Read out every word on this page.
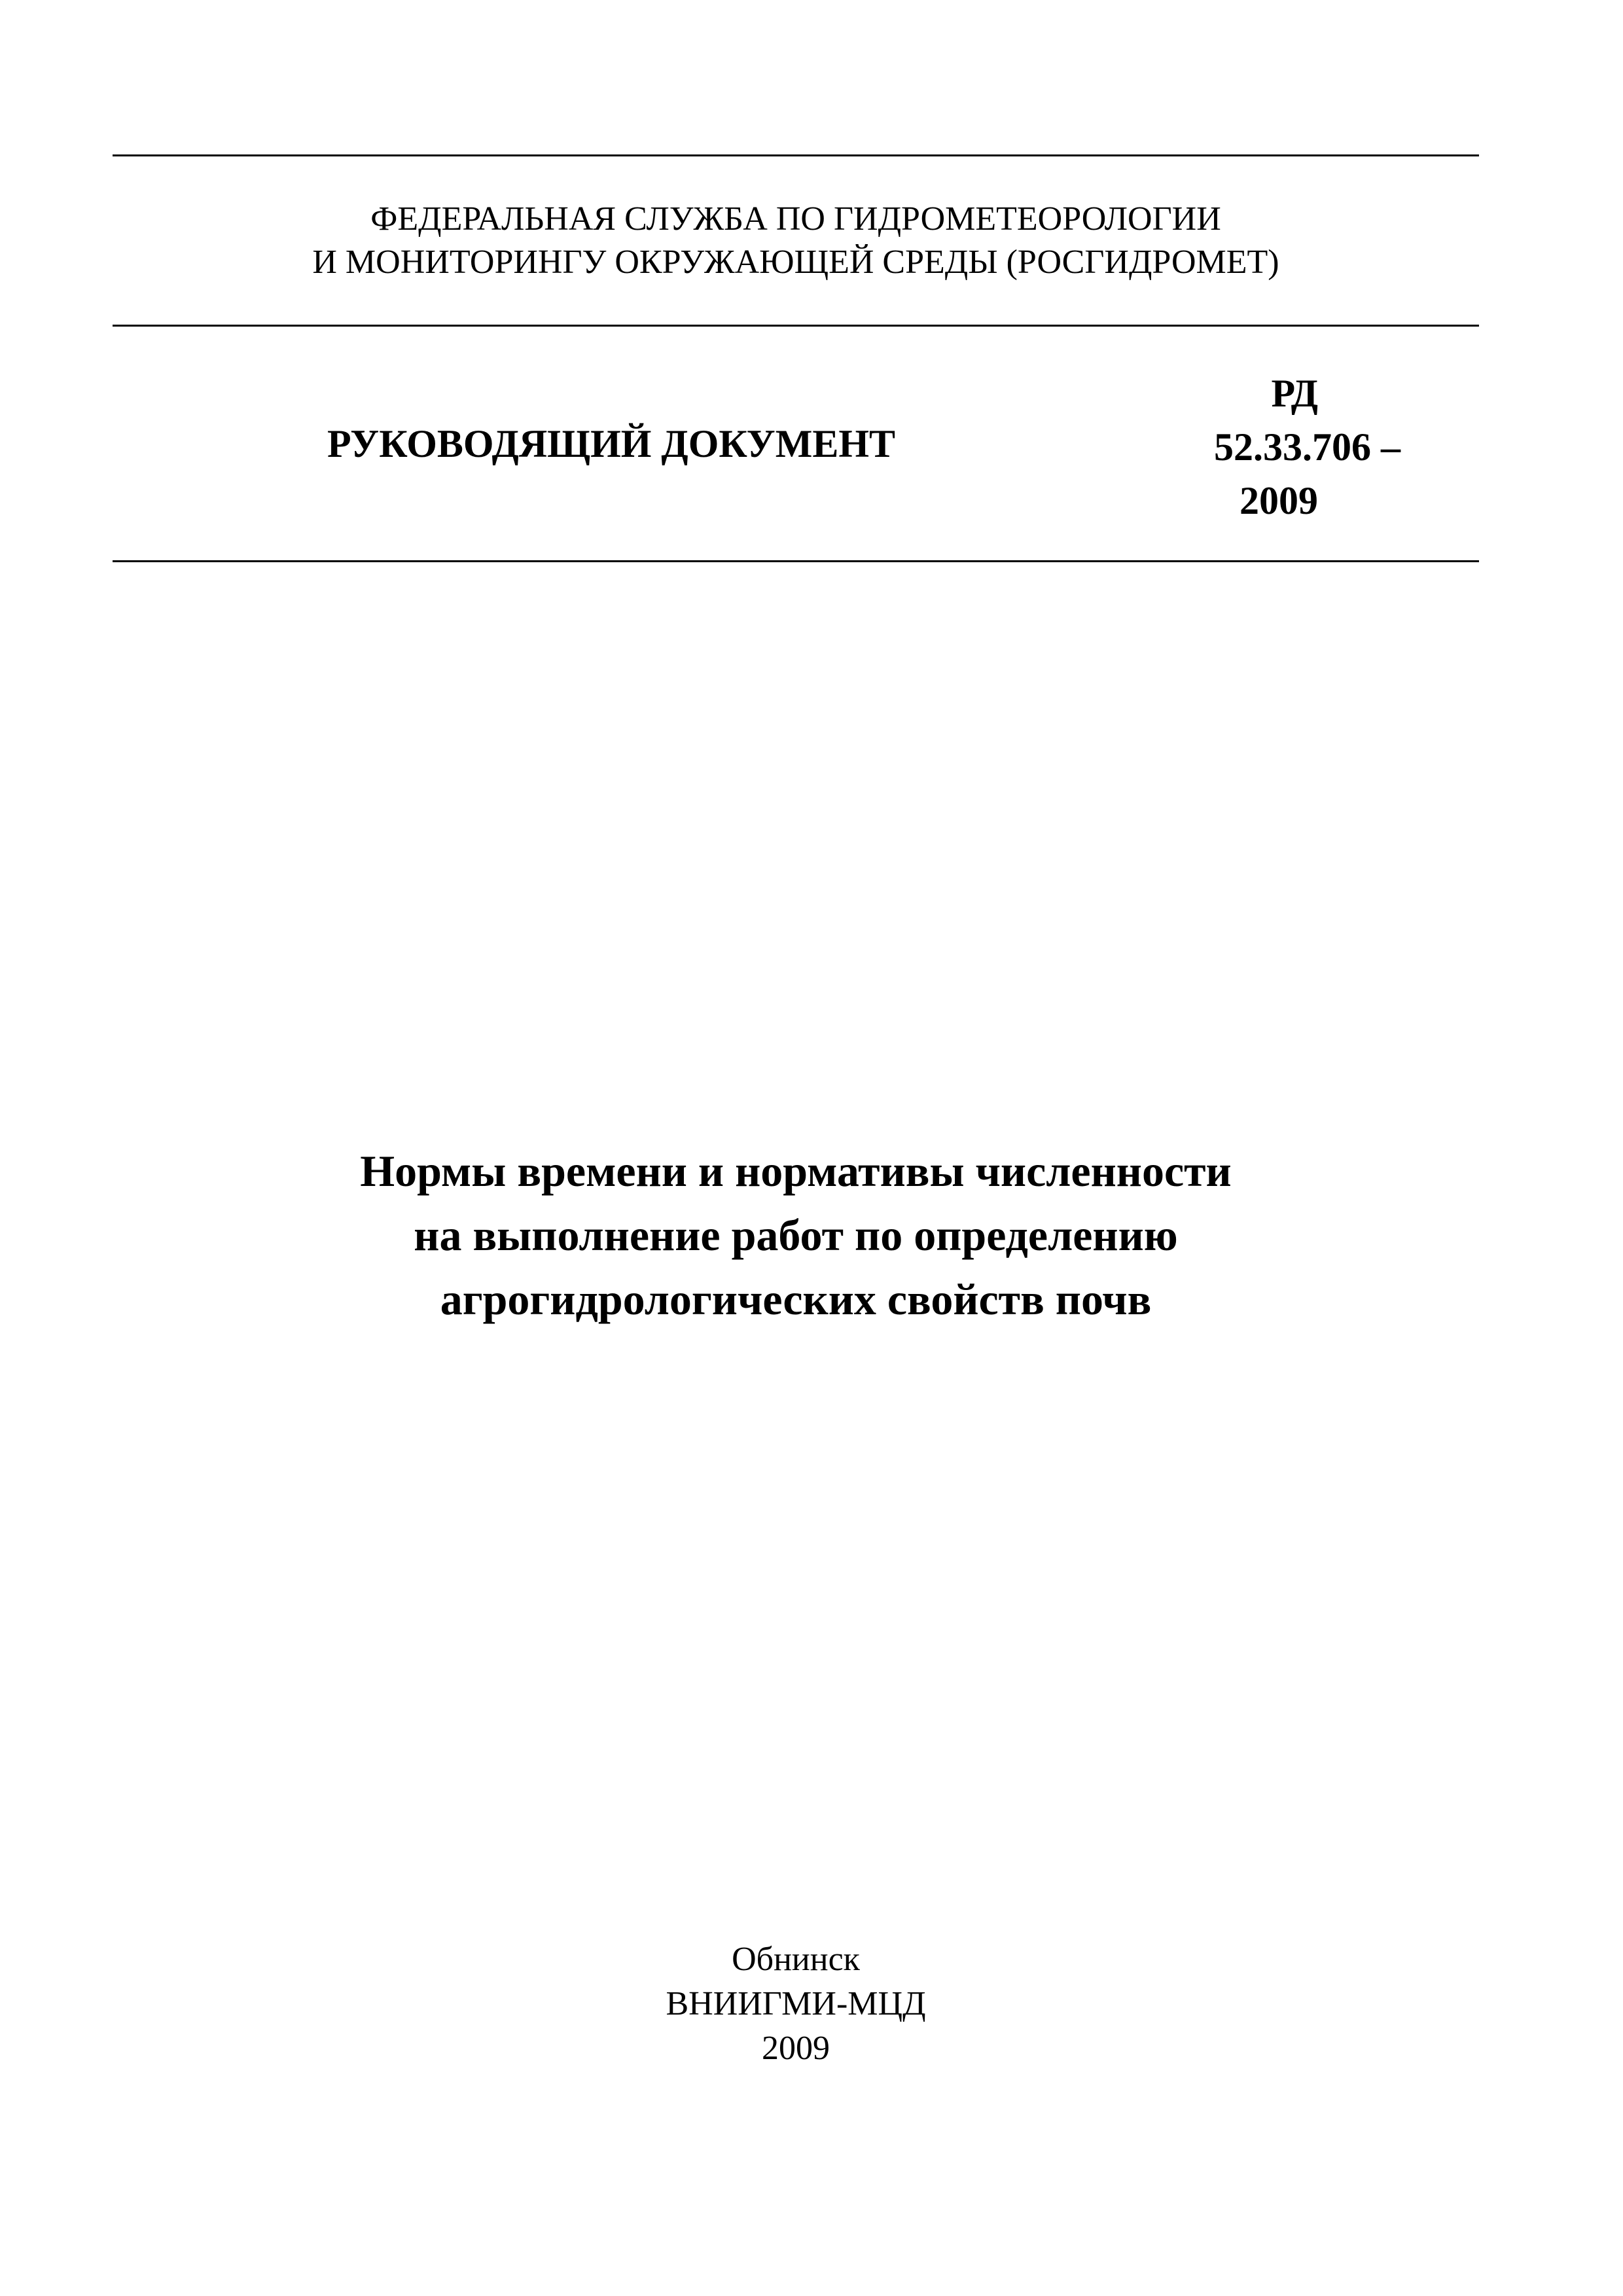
ФЕДЕРАЛЬНАЯ СЛУЖБА ПО ГИДРОМЕТЕОРОЛОГИИ
И МОНИТОРИНГУ ОКРУЖАЮЩЕЙ СРЕДЫ (РОСГИДРОМЕТ)
РУКОВОДЯЩИЙ ДОКУМЕНТ
РД
52.33.706 –
2009
Нормы времени и нормативы численности
на выполнение работ по определению
агрогидрологических свойств почв
Обнинск
ВНИИГМИ-МЦД
2009
